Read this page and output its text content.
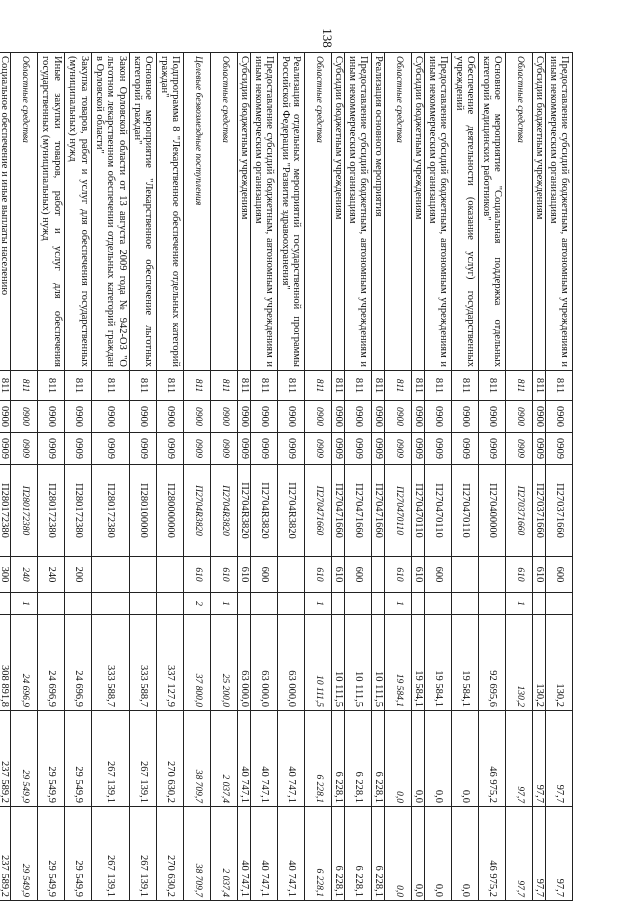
138
Предоставление субсидий бюджетным, автономным учреждениям и иным некоммерческим организациям	811	0900	0909	П270371660	600		130,2	97,7	97,7
Субсидии бюджетным учреждениям	811	0900	0909	П270371660	610		130,2	97,7	97,7
Областные средства	811	0900	0909	П270371660	610	1	130,2	97,7	97,7
Основное мероприятие "Социальная поддержка отдельных категорий медицинских работников"	811	0900	0909	П270400000			92 695,6	46 975,2	46 975,2
Обеспечение деятельности (оказание услуг) государственных учреждений	811	0900	0909	П270470110			19 584,1	0,0	0,0
Предоставление субсидий бюджетным, автономным учреждениям и иным некоммерческим организациям	811	0900	0909	П270470110	600		19 584,1	0,0	0,0
Субсидии бюджетным учреждениям	811	0900	0909	П270470110	610		19 584,1	0,0	0,0
Областные средства	811	0900	0909	П270470110	610	1	19 584,1	0,0	0,0
Реализация основного мероприятия	811	0900	0909	П270471660			10 111,5	6 228,1	6 228,1
Предоставление субсидий бюджетным, автономным учреждениям и иным некоммерческим организациям	811	0900	0909	П270471660	600		10 111,5	6 228,1	6 228,1
Субсидии бюджетным учреждениям	811	0900	0909	П270471660	610		10 111,5	6 228,1	6 228,1
Областные средства	811	0900	0909	П270471660	610	1	10 111,5	6 228,1	6 228,1
Реализация отдельных мероприятий государственной программы Российской Федерации "Развитие здравоохранения"	811	0900	0909	П2704R3820			63 000,0	40 747,1	40 747,1
Предоставление субсидий бюджетным, автономным учреждениям и иным некоммерческим организациям	811	0900	0909	П2704R3820	600		63 000,0	40 747,1	40 747,1
Субсидии бюджетным учреждениям	811	0900	0909	П2704R3820	610		63 000,0	40 747,1	40 747,1
Областные средства	811	0900	0909	П2704R3820	610	1	25 200,0	2 037,4	2 037,4
Целевые безвозмездные поступления	811	0900	0909	П2704R3820	610	2	37 800,0	38 709,7	38 709,7
Подпрограмма 8 "Лекарственное обеспечение отдельных категорий граждан"	811	0900	0909	П280000000			337 127,9	270 630,2	270 630,2
Основное мероприятие "Лекарственное обеспечение льготных категорий граждан"	811	0900	0909	П280100000			333 588,7	267 139,1	267 139,1
Закон Орловской области от 13 августа 2009 года № 942-ОЗ "О льготном лекарственном обеспечении отдельных категорий граждан в Орловской области"	811	0900	0909	П280172380			333 588,7	267 139,1	267 139,1
Закупка товаров, работ и услуг для обеспечения государственных (муниципальных) нужд	811	0900	0909	П280172380	200		24 696,9	29 549,9	29 549,9
Иные закупки товаров, работ и услуг для обеспечения государственных (муниципальных) нужд	811	0900	0909	П280172380	240		24 696,9	29 549,9	29 549,9
Областные средства	811	0900	0909	П280172380	240	1	24 696,9	29 549,9	29 549,9
Социальное обеспечение и иные выплаты населению	811	0900	0909	П280172380	300		308 891,8	237 589,2	237 589,2
